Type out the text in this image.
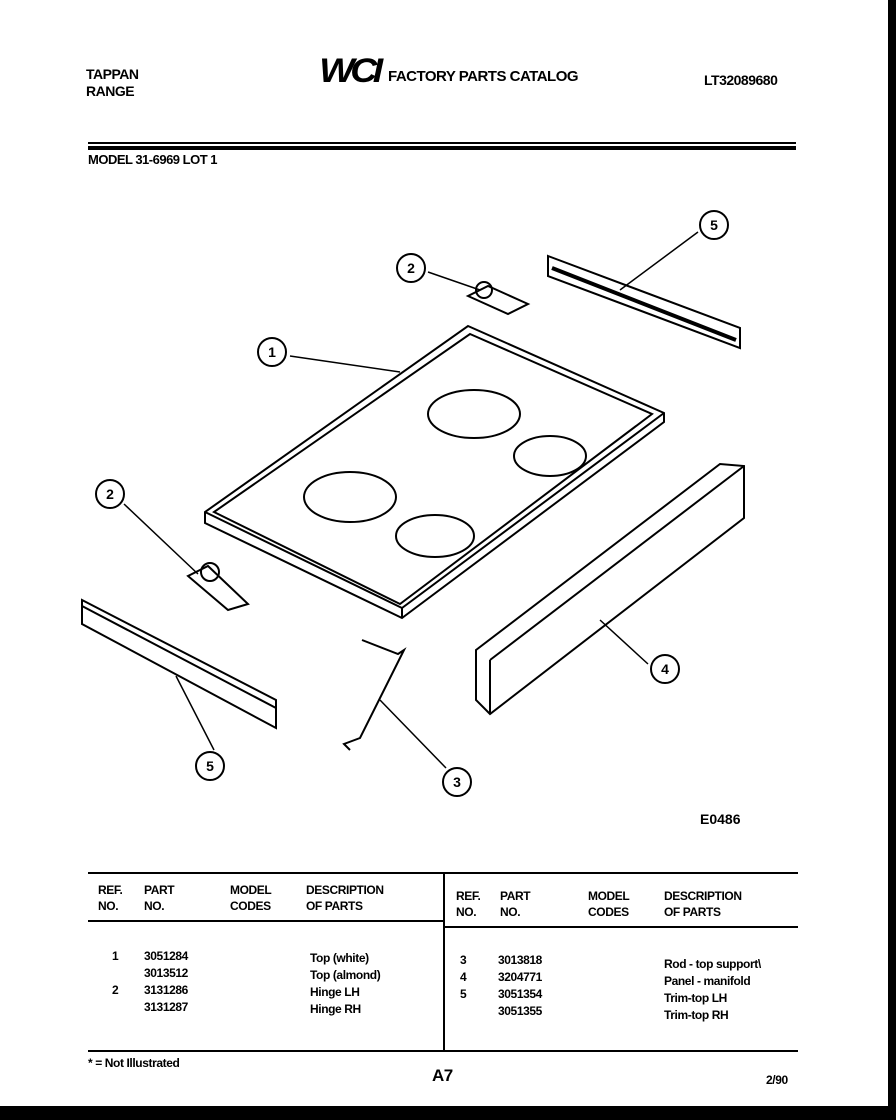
TAPPAN
RANGE
WCI FACTORY PARTS CATALOG	LT32089680
MODEL 31-6969 LOT 1
1
2
5
2
5
3
4
E0486
REF.
NO.
PART
NO.
MODEL
CODES
DESCRIPTION
OF PARTS
REF.
NO.
PART
NO.
MODEL
CODES
DESCRIPTION
OF PARTS
1
2
3051284
3013512
3131286
3131287
Top (white)
Top (almond)
Hinge LH
Hinge RH
3
4
5
3013818
3204771
3051354
3051355
Rod - top support\
Panel - manifold
Trim-top LH
Trim-top RH
* = Not Illustrated
A7	2/90
